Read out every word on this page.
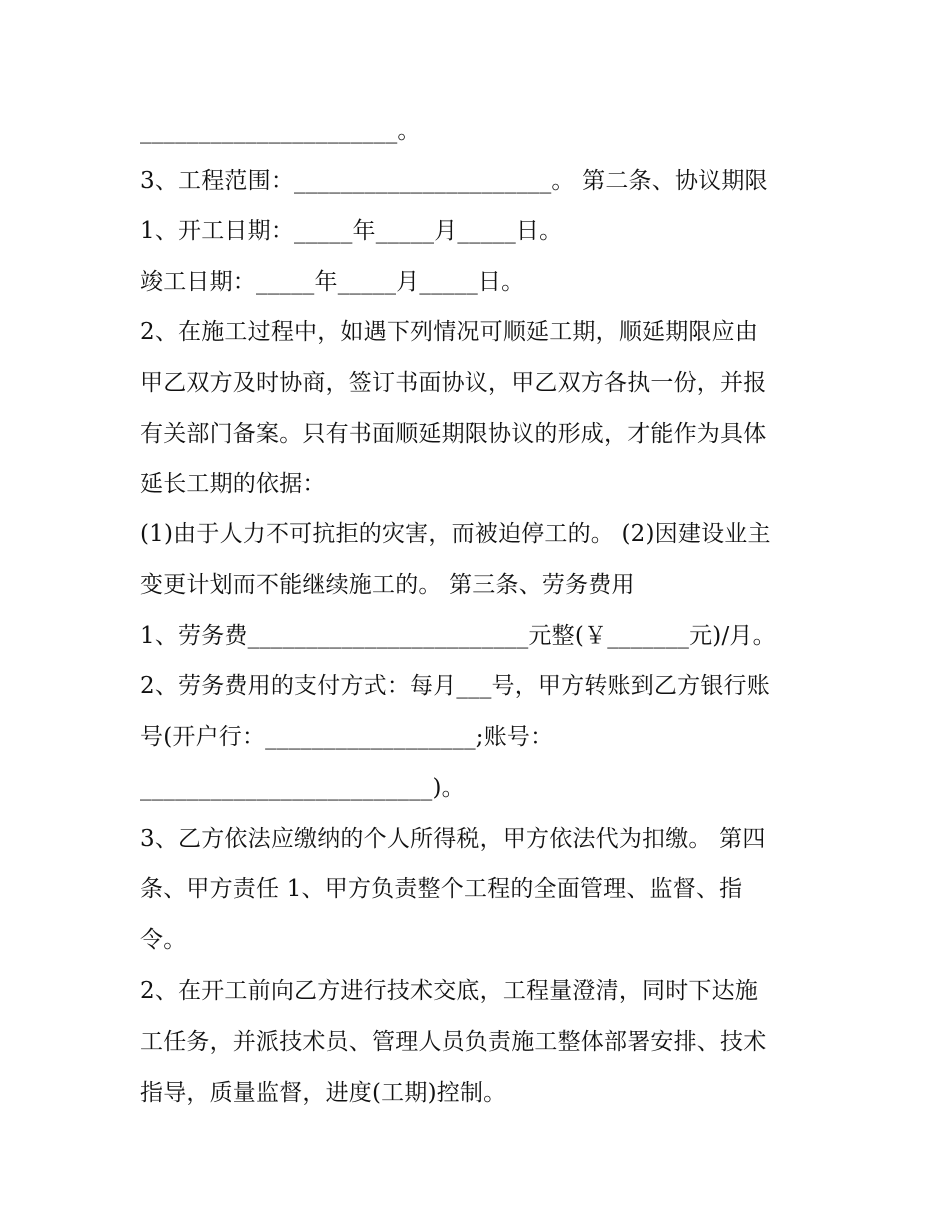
______________________。

3、工程范围：______________________。 第二条、协议期限

1、开工日期：_____年_____月_____日。

竣工日期：_____年_____月_____日。

2、在施工过程中，如遇下列情况可顺延工期，顺延期限应由

甲乙双方及时协商，签订书面协议，甲乙双方各执一份，并报

有关部门备案。只有书面顺延期限协议的形成，才能作为具体

延长工期的依据：

(1)由于人力不可抗拒的灾害，而被迫停工的。 (2)因建设业主

变更计划而不能继续施工的。 第三条、劳务费用

1、劳务费________________________元整(￥_______元)/月。

2、劳务费用的支付方式：每月___号，甲方转账到乙方银行账

号(开户行：__________________;账号：

_________________________)。

3、乙方依法应缴纳的个人所得税，甲方依法代为扣缴。 第四

条、甲方责任 1、甲方负责整个工程的全面管理、监督、指

令。

2、在开工前向乙方进行技术交底，工程量澄清，同时下达施

工任务，并派技术员、管理人员负责施工整体部署安排、技术

指导，质量监督，进度(工期)控制。
